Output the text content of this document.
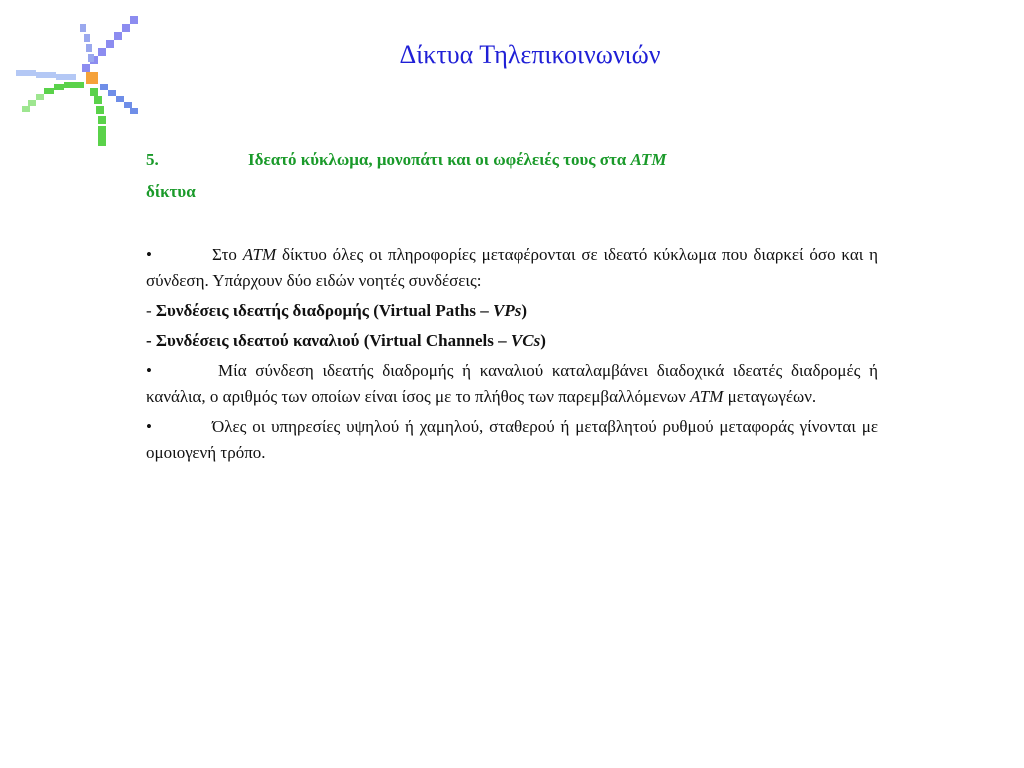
Δίκτυα Τηλεπικοινωνιών
5.	Ιδεατό κύκλωμα, μονοπάτι και οι ωφέλειές τους στα ATM
δίκτυα
•	Στο ATM δίκτυο όλες οι πληροφορίες μεταφέρονται σε ιδεατό κύκλωμα που διαρκεί όσο και η σύνδεση. Υπάρχουν δύο ειδών νοητές συνδέσεις:
- Συνδέσεις ιδεατής διαδρομής (Virtual Paths – VPs)
- Συνδέσεις ιδεατού καναλιού (Virtual Channels – VCs)
•	Μία σύνδεση ιδεατής διαδρομής ή καναλιού καταλαμβάνει διαδοχικά ιδεατές διαδρομές ή κανάλια, ο αριθμός των οποίων είναι ίσος με το πλήθος των παρεμβαλλόμενων ATM μεταγωγέων.
•	Όλες οι υπηρεσίες υψηλού ή χαμηλού, σταθερού ή μεταβλητού ρυθμού μεταφοράς γίνονται με ομοιογενή τρόπο.
